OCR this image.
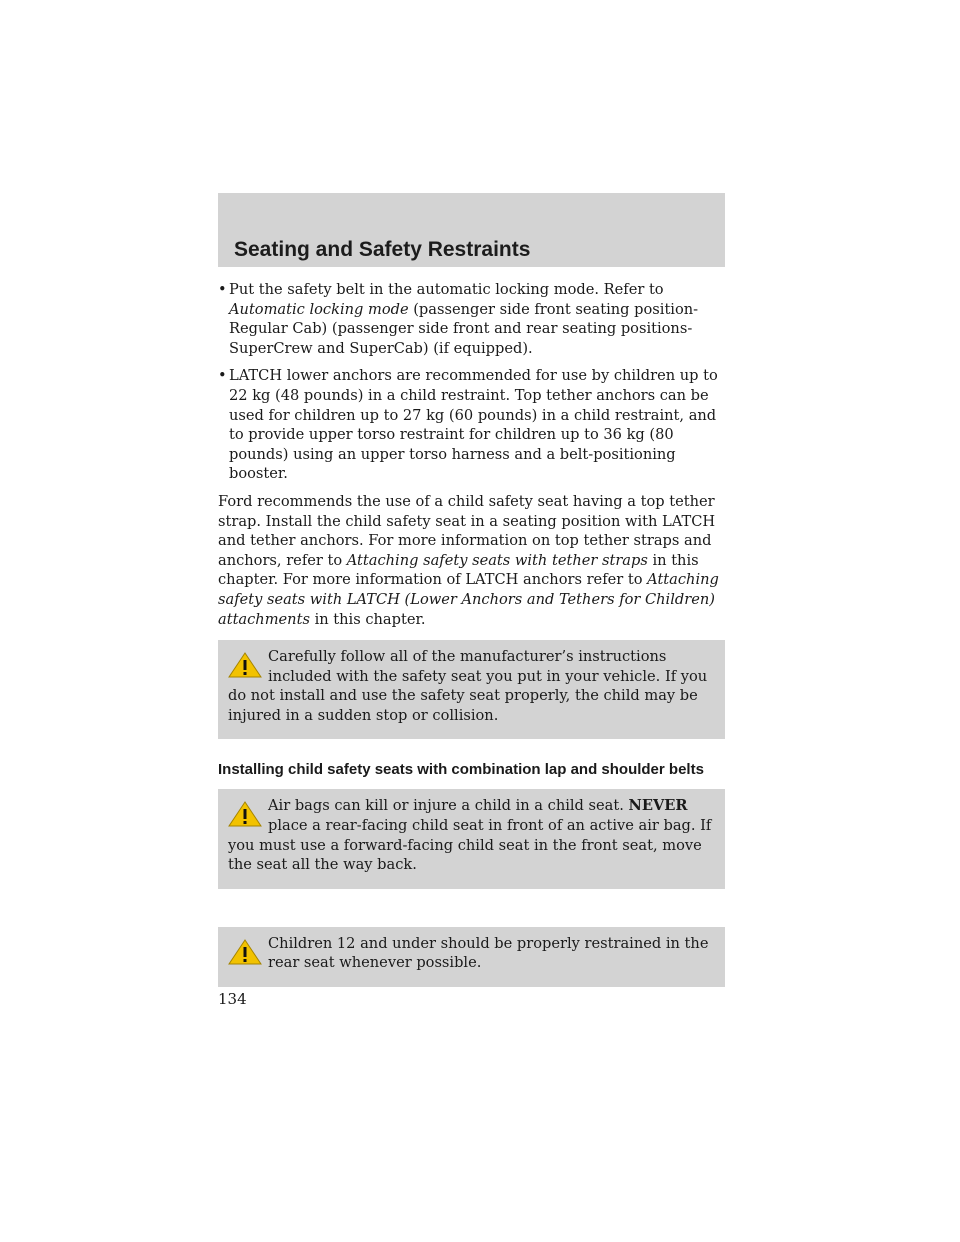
Seating and Safety Restraints
• Put the safety belt in the automatic locking mode. Refer to Automatic locking mode (passenger side front seating position-Regular Cab) (passenger side front and rear seating positions-SuperCrew and SuperCab) (if equipped).
• LATCH lower anchors are recommended for use by children up to 22 kg (48 pounds) in a child restraint. Top tether anchors can be used for children up to 27 kg (60 pounds) in a child restraint, and to provide upper torso restraint for children up to 36 kg (80 pounds) using an upper torso harness and a belt-positioning booster.

Ford recommends the use of a child safety seat having a top tether strap. Install the child safety seat in a seating position with LATCH and tether anchors. For more information on top tether straps and anchors, refer to Attaching safety seats with tether straps in this chapter. For more information of LATCH anchors refer to Attaching safety seats with LATCH (Lower Anchors and Tethers for Children) attachments in this chapter.

Carefully follow all of the manufacturer’s instructions included with the safety seat you put in your vehicle. If you do not install and use the safety seat properly, the child may be injured in a sudden stop or collision.
Installing child safety seats with combination lap and shoulder belts
Air bags can kill or injure a child in a child seat. NEVER place a rear-facing child seat in front of an active air bag. If you must use a forward-facing child seat in the front seat, move the seat all the way back.
Children 12 and under should be properly restrained in the rear seat whenever possible.

134
